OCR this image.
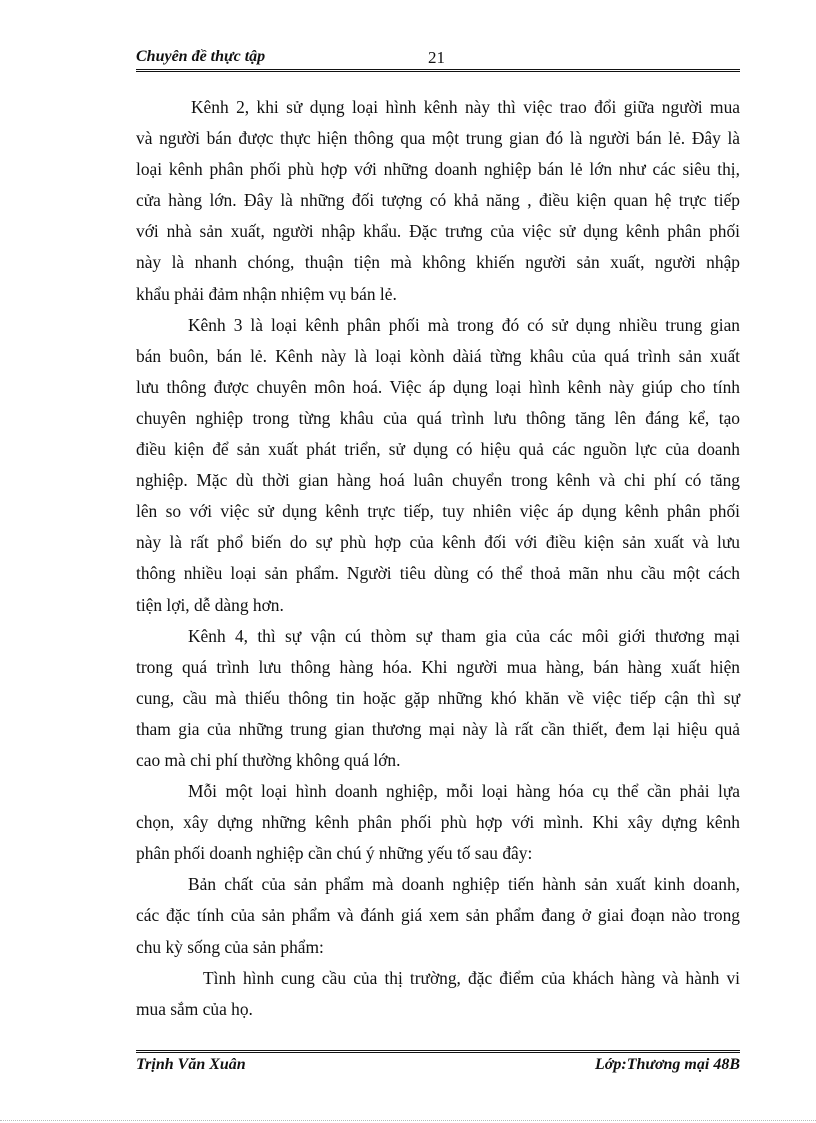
Chuyên đề thực tập	21

Kênh 2, khi sử dụng loại hình kênh này thì việc trao đổi giữa người mua
và người bán được thực hiện thông qua một trung gian đó là người bán lẻ. Đây là
loại kênh phân phối phù hợp với những doanh nghiệp bán lẻ lớn như các siêu thị,
cửa hàng lớn. Đây là những đối tượng có khả năng , điều kiện quan hệ trực tiếp
với nhà sản xuất, người nhập khẩu. Đặc trưng của việc sử dụng kênh phân phối
này là nhanh chóng, thuận tiện mà không khiến người sản xuất, người nhập
khẩu phải đảm nhận nhiệm vụ bán lẻ.

Kênh 3 là loại kênh phân phối mà trong đó có sử dụng nhiều trung gian
bán buôn, bán lẻ. Kênh này là loại kònh dàiá từng khâu của quá trình sản xuất
lưu thông được chuyên môn hoá. Việc áp dụng loại hình kênh này giúp cho tính
chuyên nghiệp trong từng khâu của quá trình lưu thông tăng lên đáng kể, tạo
điều kiện để sản xuất phát triển, sử dụng có hiệu quả các nguồn lực của doanh
nghiệp. Mặc dù thời gian hàng hoá luân chuyển trong kênh và chi phí có tăng
lên so với việc sử dụng kênh trực tiếp, tuy nhiên việc áp dụng kênh phân phối
này là rất phổ biến do sự phù hợp của kênh đối với điều kiện sản xuất và lưu
thông nhiều loại sản phẩm. Người tiêu dùng có thể thoả mãn nhu cầu một cách
tiện lợi, dễ dàng hơn.

Kênh 4, thì sự vận cú thòm sự tham gia của các môi giới thương mại
trong quá trình lưu thông hàng hóa. Khi người mua hàng, bán hàng xuất hiện
cung, cầu mà thiếu thông tin hoặc gặp những khó khăn về việc tiếp cận thì sự
tham gia của những trung gian thương mại này là rất cần thiết, đem lại hiệu quả
cao mà chi phí thường không quá lớn.

Mỗi một loại hình doanh nghiệp, mỗi loại hàng hóa cụ thể cần phải lựa
chọn, xây dựng những kênh phân phối phù hợp với mình. Khi xây dựng kênh
phân phối doanh nghiệp cần chú ý những yếu tố sau đây:

Bản chất của sản phẩm mà doanh nghiệp tiến hành sản xuất kinh doanh,
các đặc tính của sản phẩm và đánh giá xem sản phẩm đang ở giai đoạn nào trong
chu kỳ sống của sản phẩm:

Tình hình cung cầu của thị trường, đặc điểm của khách hàng và hành vi
mua sắm của họ.

Trịnh Văn Xuân	Lớp:Thương mại 48B
